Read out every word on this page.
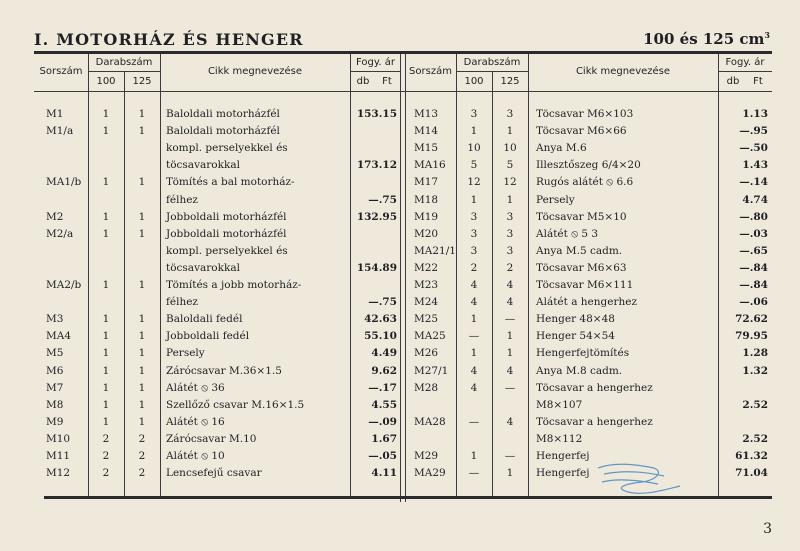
I. MOTORHÁZ ÉS HENGER	100 és 125 $cm^3$
Sorszám
Darabszám
100	125
Cikk megnevezése
Fogy. ár
db	Ft
Sorszám
Darabszám
100	125
Cikk megnevezése
Fogy. ár
db	Ft
M1	1	1	Baloldali motorházfél	153.15
M1/a	1	1	Baloldali motorházfél
kompl. perselyekkel és
töcsavarokkal	173.12
MA1/b	1	1	Tömítés a bal motorház-
félhez	—.75
M2	1	1	Jobboldali motorházfél	132.95
M2/a	1	1	Jobboldali motorházfél
kompl. perselyekkel és
töcsavarokkal	154.89
MA2/b	1	1	Tömítés a jobb motorház-
félhez	—.75
M3	1	1	Baloldali fedél	42.63
MA4	1	1	Jobboldali fedél	55.10
M5	1	1	Persely	4.49
M6	1	1	Zárócsavar M.36×1.5	9.62
M7	1	1	Alátét ⦸ 36	—.17
M8	1	1	Szellőző csavar M.16×1.5	4.55
M9	1	1	Alátét ⦸ 16	—.09
M10	2	2	Zárócsavar M.10	1.67
M11	2	2	Alátét ⦸ 10	—.05
M12	2	2	Lencsefejű csavar	4.11
M13	3	3	Töcsavar M6×103	1.13
M14	1	1	Töcsavar M6×66	—.95
M15	10	10	Anya M.6	—.50
MA16	5	5	Illesztőszeg 6/4×20	1.43
M17	12	12	Rugós alátét ⦸ 6.6	—.14
M18	1	1	Persely	4.74
M19	3	3	Töcsavar M5×10	—.80
M20	3	3	Alátét ⦸ 5 3	—.03
MA21/1	3	3	Anya M.5 cadm.	—.65
M22	2	2	Töcsavar M6×63	—.84
M23	4	4	Töcsavar M6×111	—.84
M24	4	4	Alátét a hengerhez	—.06
M25	1	—	Henger 48×48	72.62
MA25	—	1	Henger 54×54	79.95
M26	1	1	Hengerfejtömítés	1.28
M27/1	4	4	Anya M.8 cadm.	1.32
M28	4	—	Töcsavar a hengerhez
M8×107	2.52
MA28	—	4	Töcsavar a hengerhez
M8×112	2.52
M29	1	—	Hengerfej	61.32
MA29	—	1	Hengerfej	71.04
3
